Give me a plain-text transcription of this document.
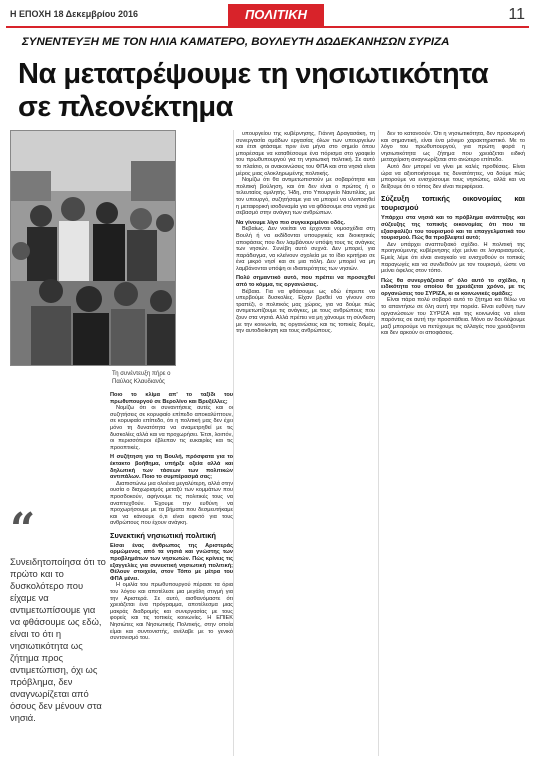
Η ΕΠΟΧΗ 18 Δεκεμβρίου 2016	ΠΟΛΙΤΙΚΗ	11
ΣΥΝΕΝΤΕΥΞΗ ΜΕ ΤΟΝ ΗΛΙΑ ΚΑΜΑΤΕΡΟ, ΒΟΥΛΕΥΤΗ ΔΩΔΕΚΑΝΗΣΩΝ ΣΥΡΙΖΑ
Να μετατρέψουμε τη νησιωτικότητα
σε πλεονέκτημα
Τη συνέντευξη πήρε ο Παύλος Κλαυδιανός
“
Συνειδητοποίησα ότι το πρώτο και το δυσκολότερο που είχαμε να αντιμετωπίσουμε για να φθάσουμε ως εδώ, είναι το ότι η νησιωτικότητα ως ζήτημα προς αντιμετώπιση, όχι ως πρόβλημα, δεν αναγνωρίζεται από όσους δεν μένουν στα νησιά.

Ποιο το κλίμα απ' το ταξίδι του πρωθυπουργού σε Βερολίνο και Βρυξέλλες;

Νομίζω ότι οι συναντήσεις αυτές και οι συζητήσεις σε κορυφαίο επίπεδο αποκαλύπτουν, σε κορυφαίο επίπεδο, ότι η πολιτική μας δεν έχει μόνο τη δυνατότητα να αναμετρηθεί με τις δυσκολίες αλλά και να προχωρήσει. Έτσι, λοιπόν, οι περισσότεροι έβλεπαν τις ευκαιρίες και τις προοπτικές.

Η συζήτηση για τη Βουλή, πρόσφατα για το έκτακτο βοήθημα, υπήρξε οξεία αλλά και δηλωτική των τάσεων των πολιτικών αντιπάλων. Ποιο το συμπέρασμά σας;

Διαπιστώνω μια ολοένα μεγαλύτερη, αλλά στην ουσία ο διαχωρισμός μεταξύ των κομμάτων που προσδοκούν, αφήνουμε τις πολιτικές τους να αναπτυχθούν. Έχουμε την ευθύνη να προχωρήσουμε με τα βήματα που δεσμευτήκαμε και να κάνουμε ό,τι είναι εφικτό για τους ανθρώπους που έχουν ανάγκη.

Συνεκτική νησιωτική πολιτική

Είσαι ένας άνθρωπος της Αριστεράς ορμώμενος από τα νησιά και γνώστης των προβλημάτων των νησιωτών. Πώς κρίνεις τις εξαγγελίες για συνεκτική νησιωτική πολιτική; Θέλουν στοιχεία, στον Τόπο με μέτρα του ΦΠΑ μένει.

Η ομιλία του πρωθυπουργού πέρασε τα όρια του λόγου και αποτέλεσε μια μεγάλη στιγμή για την Αριστερά. Σε αυτό, αισθανόμαστε ότι χρειάζεται ένα πρόγραμμα, αποτέλεσμα μιας μακράς διαδρομής και συνεργασίας με τους φορείς και τις τοπικές κοινωνίες. Η ΕΠΙΕΚ Νησιώτες και Νησιωτικής Πολιτικής, στην οποία είμαι και συντονιστής, ανέλαβε με το γενικό συντονισμό του.

υπουργείου της κυβέρνησης, Γιάννη Δραγασάκη, τη συνεργασία ομάδων εργασίας όλων των υπουργείων και έτσι φτάσαμε πριν ένα μήνα στο σημείο όπου μπορέσαμε να καταθέσουμε ένα πόρισμα στο γραφείο του πρωθυπουργού για τη νησιωτική πολιτική. Σε αυτό το πλαίσιο, οι ανακοινώσεις του ΦΠΑ και στα νησιά είναι μέρος μιας ολοκληρωμένης πολιτικής.

Νομίζω ότι θα αντιμετωπιστούν με σοβαρότητα και πολιτική βούληση, και ότι δεν είναι ο πρώτος ή ο τελευταίος ομιλητής. Ήδη, στο Υπουργείο Ναυτιλίας, με τον υπουργό, συζητήσαμε για να μπορεί να υλοποιηθεί η μεταφορική ισοδυναμία για να φθάσουμε στα νησιά με σεβασμό στην ανάγκη των ανθρώπων.

Να γίνουμε λίγο πιο συγκεκριμένοι οδός.

Βεβαίως. Δεν νοείται να έρχονται νομοσχέδια στη Βουλή ή να εκδίδονται υπουργικές και διοικητικές αποφάσεις που δεν λαμβάνουν υπόψη τους τις ανάγκες των νησιών. Συνέβη αυτό συχνά. Δεν μπορεί, για παράδειγμα, να κλείνουν σχολεία με το ίδιο κριτήριο σε ένα μικρό νησί και σε μια πόλη. Δεν μπορεί να μη λαμβάνονται υπόψη οι ιδιαιτερότητες των νησιών.

Πολύ σημαντικό αυτό, που πρέπει να προσεχθεί από το κόμμα, τις οργανώσεις.

Βέβαια. Για να φθάσουμε ως εδώ έπρεπε να υπερβούμε δυσκολίες. Είχαν βρεθεί να γίνουν στο τραπέζι, ο πολιτικός μας χώρος, για να δούμε πώς αντιμετωπίζουμε τις ανάγκες, με τους ανθρώπους που ζουν στα νησιά. Αλλά πρέπει να μη χάνουμε τη σύνδεση με την κοινωνία, τις οργανώσεις και τις τοπικές δομές, την αυτοδιοίκηση και τους ανθρώπους.

δεν το κατανοούν. Ότι η νησιωτικότητα, δεν προσωρινή και σημαντική, είναι ένα μόνιμο χαρακτηριστικό. Με το λόγο του πρωθυπουργού, για πρώτη φορά η νησιωτικότητα ως ζήτημα που χρειάζεται ειδική μεταχείριση αναγνωρίζεται στο ανώτερο επίπεδο.

Αυτό δεν μπορεί να γίνει με καλές προθέσεις. Είναι ώρα να αξιοποιήσουμε τις δυνατότητες, να δούμε πώς μπορούμε να ενισχύσουμε τους νησιώτες, αλλά και να δείξουμε ότι ο τόπος δεν είναι περιφέρεια.

Σύζευξη τοπικής οικονομίας και τουρισμού

Υπάρχει στα νησιά και το πρόβλημα ανάπτυξης και σύζευξης της τοπικής οικονομίας ότι που τα εξασφαλίζει του τουρισμού και τα επαγγελματικά του τουρισμού. Πώς θα προβλεφτεί αυτό;

Δεν υπάρχει αναπτυξιακό σχέδιο. Η πολιτική της προηγούμενης κυβέρνησης είχε μείνει σε λογαριασμούς. Εμείς λέμε ότι είναι αναγκαίο να ενισχυθούν οι τοπικές παραγωγές και να συνδεθούν με τον τουρισμό, ώστε να μείνει όφελος στον τόπο.

Πώς θα συνεργάζεσαι σ' όλο αυτό το σχέδιο, η ειδικότητα του οποίου θα χρειάζεται χρόνο, με τις οργανώσεις του ΣΥΡΙΖΑ, κι οι κοινωνικές ομάδες;

Είναι πάρα πολύ σοβαρό αυτό το ζήτημα και θέλω να το απαντήσω σε όλη αυτή την πορεία. Είναι ευθύνη των οργανώσεων του ΣΥΡΙΖΑ και της κοινωνίας να είναι παρόντες σε αυτή την προσπάθεια. Μόνο αν δουλέψουμε μαζί μπορούμε να πετύχουμε τις αλλαγές που χρειάζονται και δεν αρκούν οι αποφάσεις.
